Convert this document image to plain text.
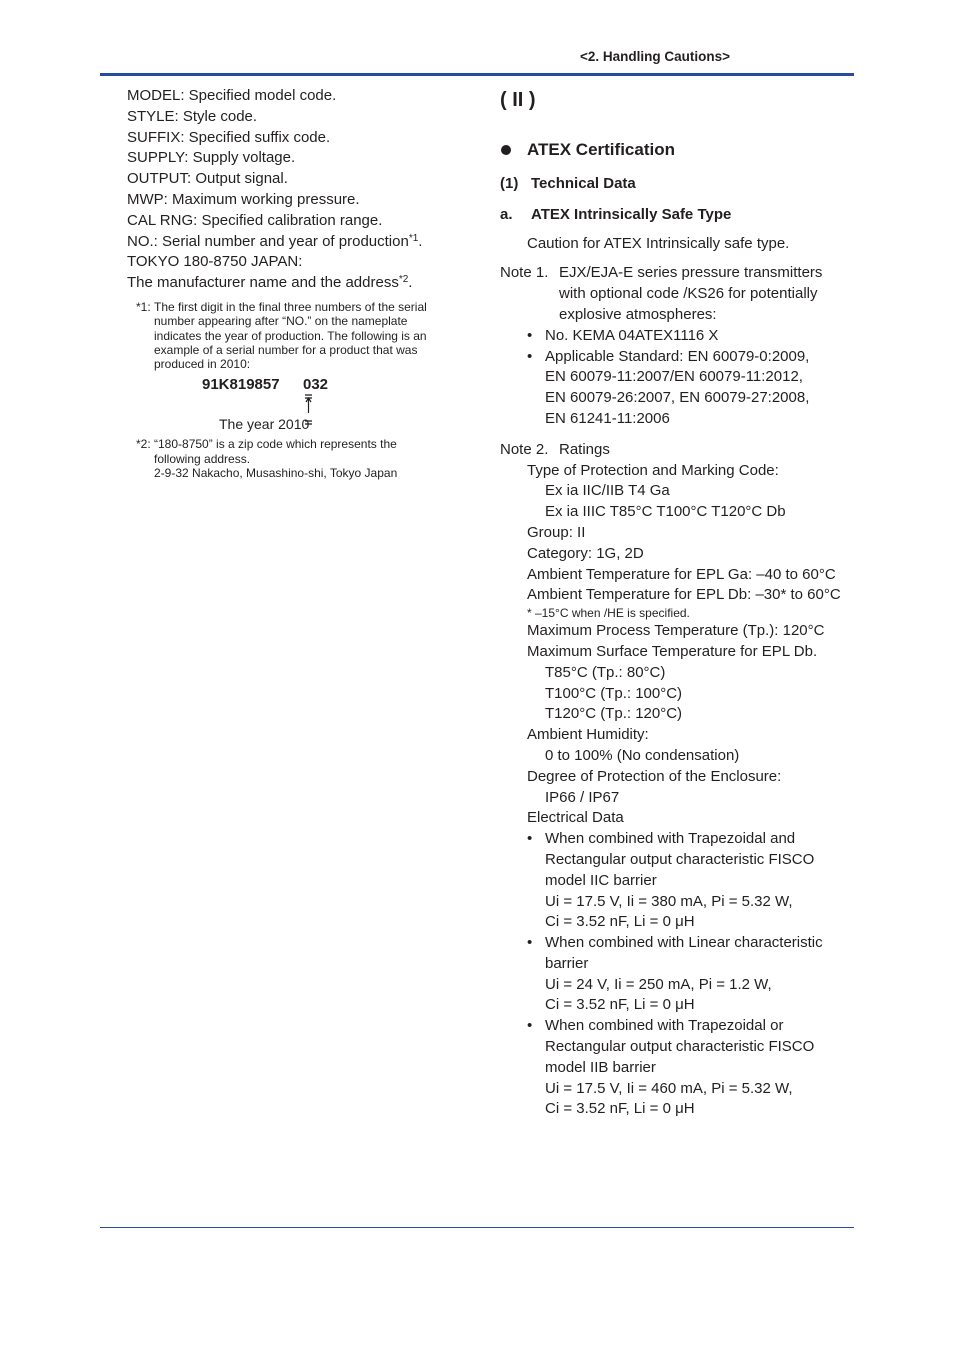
<2. Handling Cautions>
MODEL: Specified model code.
STYLE: Style code.
SUFFIX: Specified suffix code.
SUPPLY: Supply voltage.
OUTPUT: Output signal.
MWP: Maximum working pressure.
CAL RNG: Specified calibration range.
NO.: Serial number and year of production$^{*1}$.
TOKYO 180-8750 JAPAN:
The manufacturer name and the address$^{*2}$.
*1: The first digit in the final three numbers of the serial
number appearing after “NO.” on the nameplate
indicates the year of production. The following is an
example of a serial number for a product that was
produced in 2010:
91K819857 032
The year 2010
*2: “180-8750” is a zip code which represents the
following address.
2-9-32 Nakacho, Musashino-shi, Tokyo Japan
( II )
ATEX Certification
(1) Technical Data
a. ATEX Intrinsically Safe Type
Caution for ATEX Intrinsically safe type.
Note 1. EJX/EJA-E series pressure transmitters
with optional code /KS26 for potentially
explosive atmospheres:
• No. KEMA 04ATEX1116 X
• Applicable Standard: EN 60079-0:2009,
EN 60079-11:2007/EN 60079-11:2012,
EN 60079-26:2007, EN 60079-27:2008,
EN 61241-11:2006
Note 2. Ratings
Type of Protection and Marking Code:
Ex ia IIC/IIB T4 Ga
Ex ia IIIC T85°C T100°C T120°C Db
Group: II
Category: 1G, 2D
Ambient Temperature for EPL Ga: –40 to 60°C
Ambient Temperature for EPL Db: –30* to 60°C
* –15°C when /HE is specified.
Maximum Process Temperature (Tp.): 120°C
Maximum Surface Temperature for EPL Db.
T85°C (Tp.: 80°C)
T100°C (Tp.: 100°C)
T120°C (Tp.: 120°C)
Ambient Humidity:
0 to 100% (No condensation)
Degree of Protection of the Enclosure:
IP66 / IP67
Electrical Data
• When combined with Trapezoidal and
Rectangular output characteristic FISCO
model IIC barrier
Ui = 17.5 V, Ii = 380 mA, Pi = 5.32 W,
Ci = 3.52 nF, Li = 0 μH
• When combined with Linear characteristic
barrier
Ui = 24 V, Ii = 250 mA, Pi = 1.2 W,
Ci = 3.52 nF, Li = 0 μH
• When combined with Trapezoidal or
Rectangular output characteristic FISCO
model IIB barrier
Ui = 17.5 V, Ii = 460 mA, Pi = 5.32 W,
Ci = 3.52 nF, Li = 0 μH
